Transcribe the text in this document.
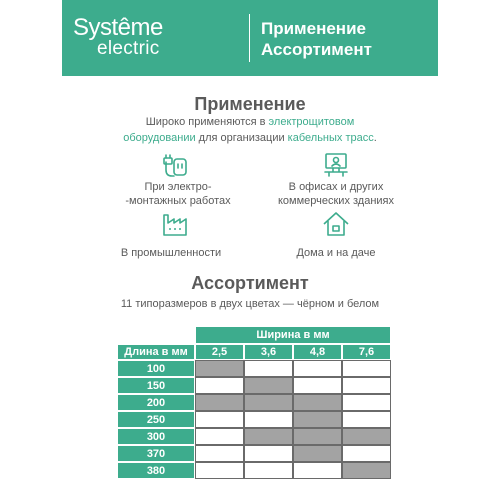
Systême
electric
Применение
Ассортимент
Применение
Широко применяются в электрощитовом
оборудовании для организации кабельных трасс.
При электро-
-монтажных работах
В офисах и других
коммерческих зданиях
В промышленности	Дома и на даче
Ассортимент
11 типоразмеров в двух цветах — чёрном и белом
Ширина в мм
Длина в мм	2,5	3,6	4,8	7,6
100
150
200
250
300
370
380
